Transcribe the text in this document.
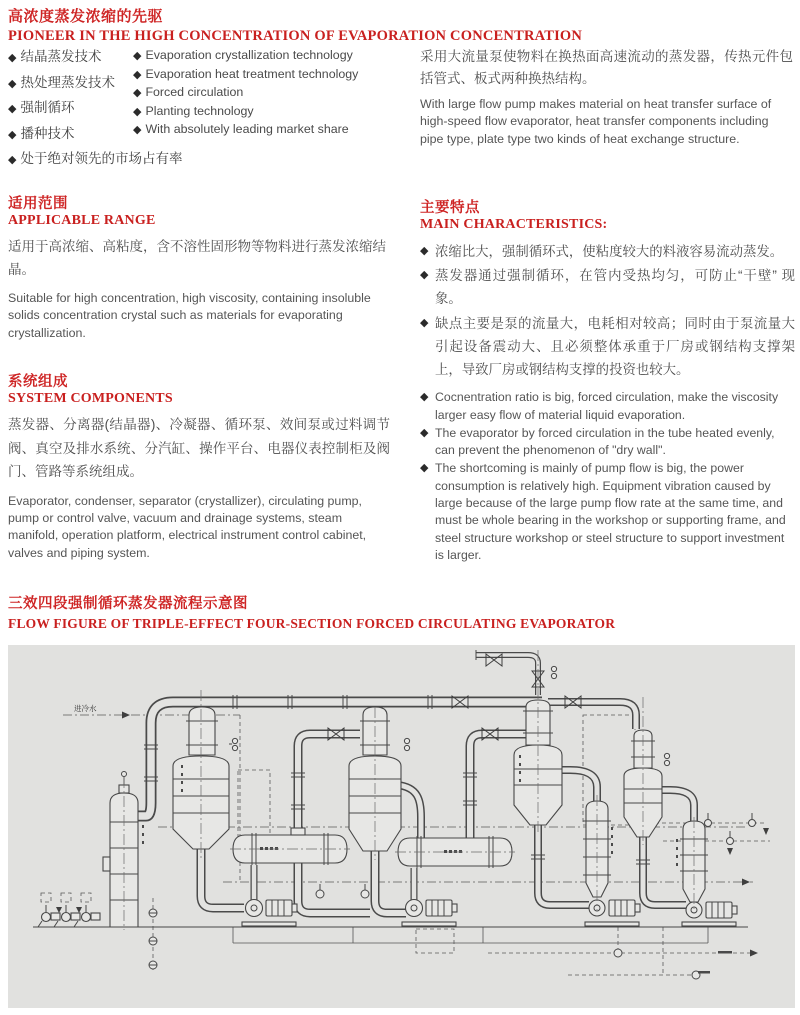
高浓度蒸发浓缩的先驱
PIONEER IN THE HIGH CONCENTRATION OF EVAPORATION CONCENTRATION
◆ 结晶蒸发技术
◆ 热处理蒸发技术
◆ 强制循环
◆ 播种技术
◆ 处于绝对领先的市场占有率
◆ Evaporation crystallization technology
◆ Evaporation heat treatment technology
◆ Forced circulation
◆ Planting technology
◆ With absolutely leading market share
采用大流量泵使物料在换热面高速流动的蒸发器，传热元件包括管式、板式两种换热结构。
With large flow pump makes material on heat transfer surface of high-speed flow evaporator, heat transfer components including pipe type, plate type two kinds of heat exchange structure.
适用范围
APPLICABLE RANGE
适用于高浓缩、高粘度，含不溶性固形物等物料进行蒸发浓缩结晶。
Suitable for high concentration, high viscosity, containing insoluble solids concentration crystal such as materials for evaporating crystallization.
主要特点
MAIN CHARACTERISTICS:
◆ 浓缩比大，强制循环式，使粘度较大的料液容易流动蒸发。
◆ 蒸发器通过强制循环，在管内受热均匀，可防止“干壁” 现象。
◆ 缺点主要是泵的流量大，电耗相对较高；同时由于泵流量大引起设备震动大、且必须整体承重于厂房或钢结构支撑架上，导致厂房或钢结构支撑的投资也较大。
◆ Cocnentration ratio is big, forced circulation, make the viscosity larger easy flow of material liquid evaporation.
◆ The evaporator by forced circulation in the tube heated evenly, can prevent the phenomenon of "dry wall".
◆ The shortcoming is mainly of pump flow is big, the power consumption is relatively high. Equipment vibration caused by large because of the large pump flow rate at the same time, and must be whole bearing in the workshop or supporting frame, and steel structure workshop or steel structure to support investment is larger.
系统组成
SYSTEM COMPONENTS
蒸发器、分离器(结晶器)、冷凝器、循环泵、效间泵或过料调节阀、真空及排水系统、分汽缸、操作平台、电器仪表控制柜及阀门、管路等系统组成。
Evaporator, condenser, separator (crystallizer), circulating pump, pump or control valve, vacuum and drainage systems, steam manifold, operation platform, electrical instrument control cabinet, valves and piping system.
三效四段强制循环蒸发器流程示意图
FLOW FIGURE OF TRIPLE-EFFECT FOUR-SECTION FORCED CIRCULATING EVAPORATOR
进冷水
